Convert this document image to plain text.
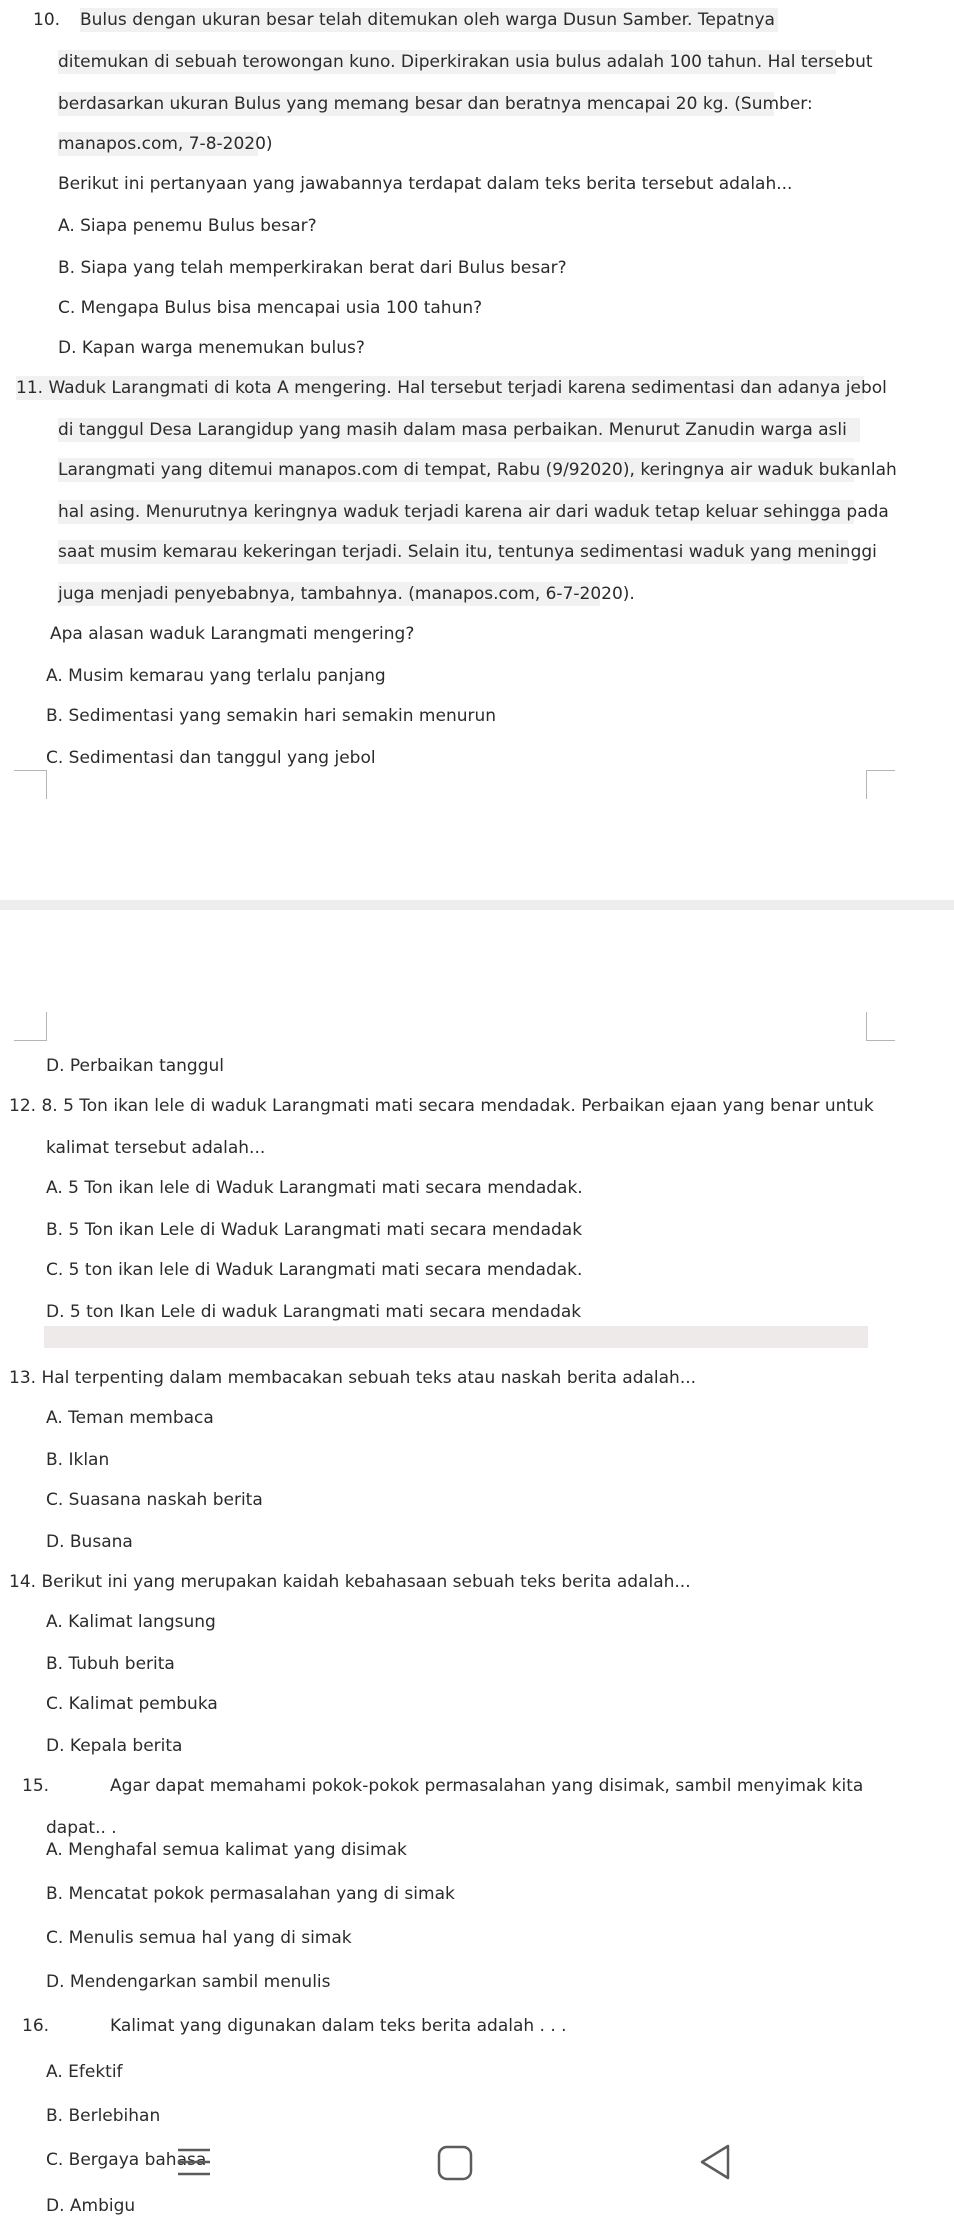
10. Bulus dengan ukuran besar telah ditemukan oleh warga Dusun Samber. Tepatnya
ditemukan di sebuah terowongan kuno. Diperkirakan usia bulus adalah 100 tahun. Hal tersebut
berdasarkan ukuran Bulus yang memang besar dan beratnya mencapai 20 kg. (Sumber:
manapos.com, 7-8-2020)
Berikut ini pertanyaan yang jawabannya terdapat dalam teks berita tersebut adalah...
A. Siapa penemu Bulus besar?
B. Siapa yang telah memperkirakan berat dari Bulus besar?
C. Mengapa Bulus bisa mencapai usia 100 tahun?
D. Kapan warga menemukan bulus?
11. Waduk Larangmati di kota A mengering. Hal tersebut terjadi karena sedimentasi dan adanya jebol
di tanggul Desa Larangidup yang masih dalam masa perbaikan. Menurut Zanudin warga asli
Larangmati yang ditemui manapos.com di tempat, Rabu (9/92020), keringnya air waduk bukanlah
hal asing. Menurutnya keringnya waduk terjadi karena air dari waduk tetap keluar sehingga pada
saat musim kemarau kekeringan terjadi. Selain itu, tentunya sedimentasi waduk yang meninggi
juga menjadi penyebabnya, tambahnya. (manapos.com, 6-7-2020).
Apa alasan waduk Larangmati mengering?
A. Musim kemarau yang terlalu panjang
B. Sedimentasi yang semakin hari semakin menurun
C. Sedimentasi dan tanggul yang jebol
D. Perbaikan tanggul
12. 8. 5 Ton ikan lele di waduk Larangmati mati secara mendadak. Perbaikan ejaan yang benar untuk
kalimat tersebut adalah...
A. 5 Ton ikan lele di Waduk Larangmati mati secara mendadak.
B. 5 Ton ikan Lele di Waduk Larangmati mati secara mendadak
C. 5 ton ikan lele di Waduk Larangmati mati secara mendadak.
D. 5 ton Ikan Lele di waduk Larangmati mati secara mendadak
13. Hal terpenting dalam membacakan sebuah teks atau naskah berita adalah...
A. Teman membaca
B. Iklan
C. Suasana naskah berita
D. Busana
14. Berikut ini yang merupakan kaidah kebahasaan sebuah teks berita adalah...
A. Kalimat langsung
B. Tubuh berita
C. Kalimat pembuka
D. Kepala berita
15.	Agar dapat memahami pokok-pokok permasalahan yang disimak, sambil menyimak kita
dapat.. .
A. Menghafal semua kalimat yang disimak
B. Mencatat pokok permasalahan yang di simak
C. Menulis semua hal yang di simak
D. Mendengarkan sambil menulis
16.	Kalimat yang digunakan dalam teks berita adalah . . .
A. Efektif
B. Berlebihan
C. Bergaya bahasa
D. Ambigu
